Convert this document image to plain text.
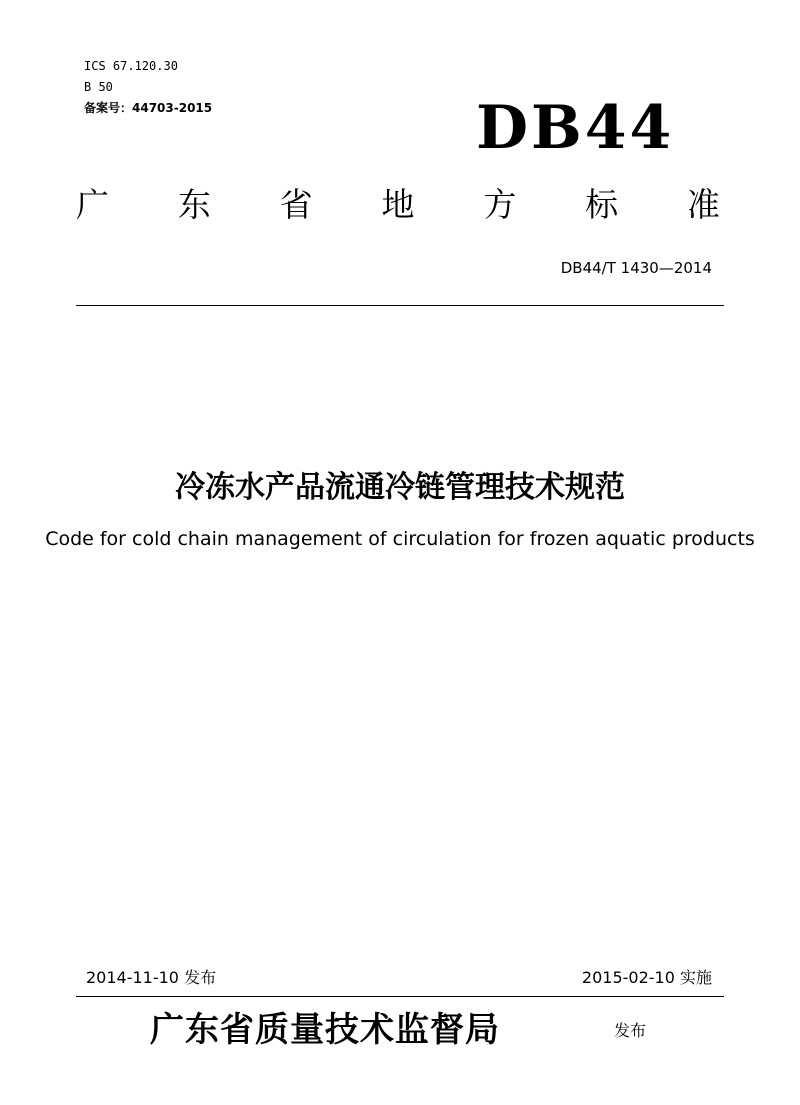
ICS 67.120.30
B 50
备案号：44703-2015	DB44
广 东 省 地 方 标 准
DB44/T 1430—2014
冷冻水产品流通冷链管理技术规范
Code for cold chain management of circulation for frozen aquatic products
2014-11-10 发布	2015-02-10 实施
广东省质量技术监督局	发布
